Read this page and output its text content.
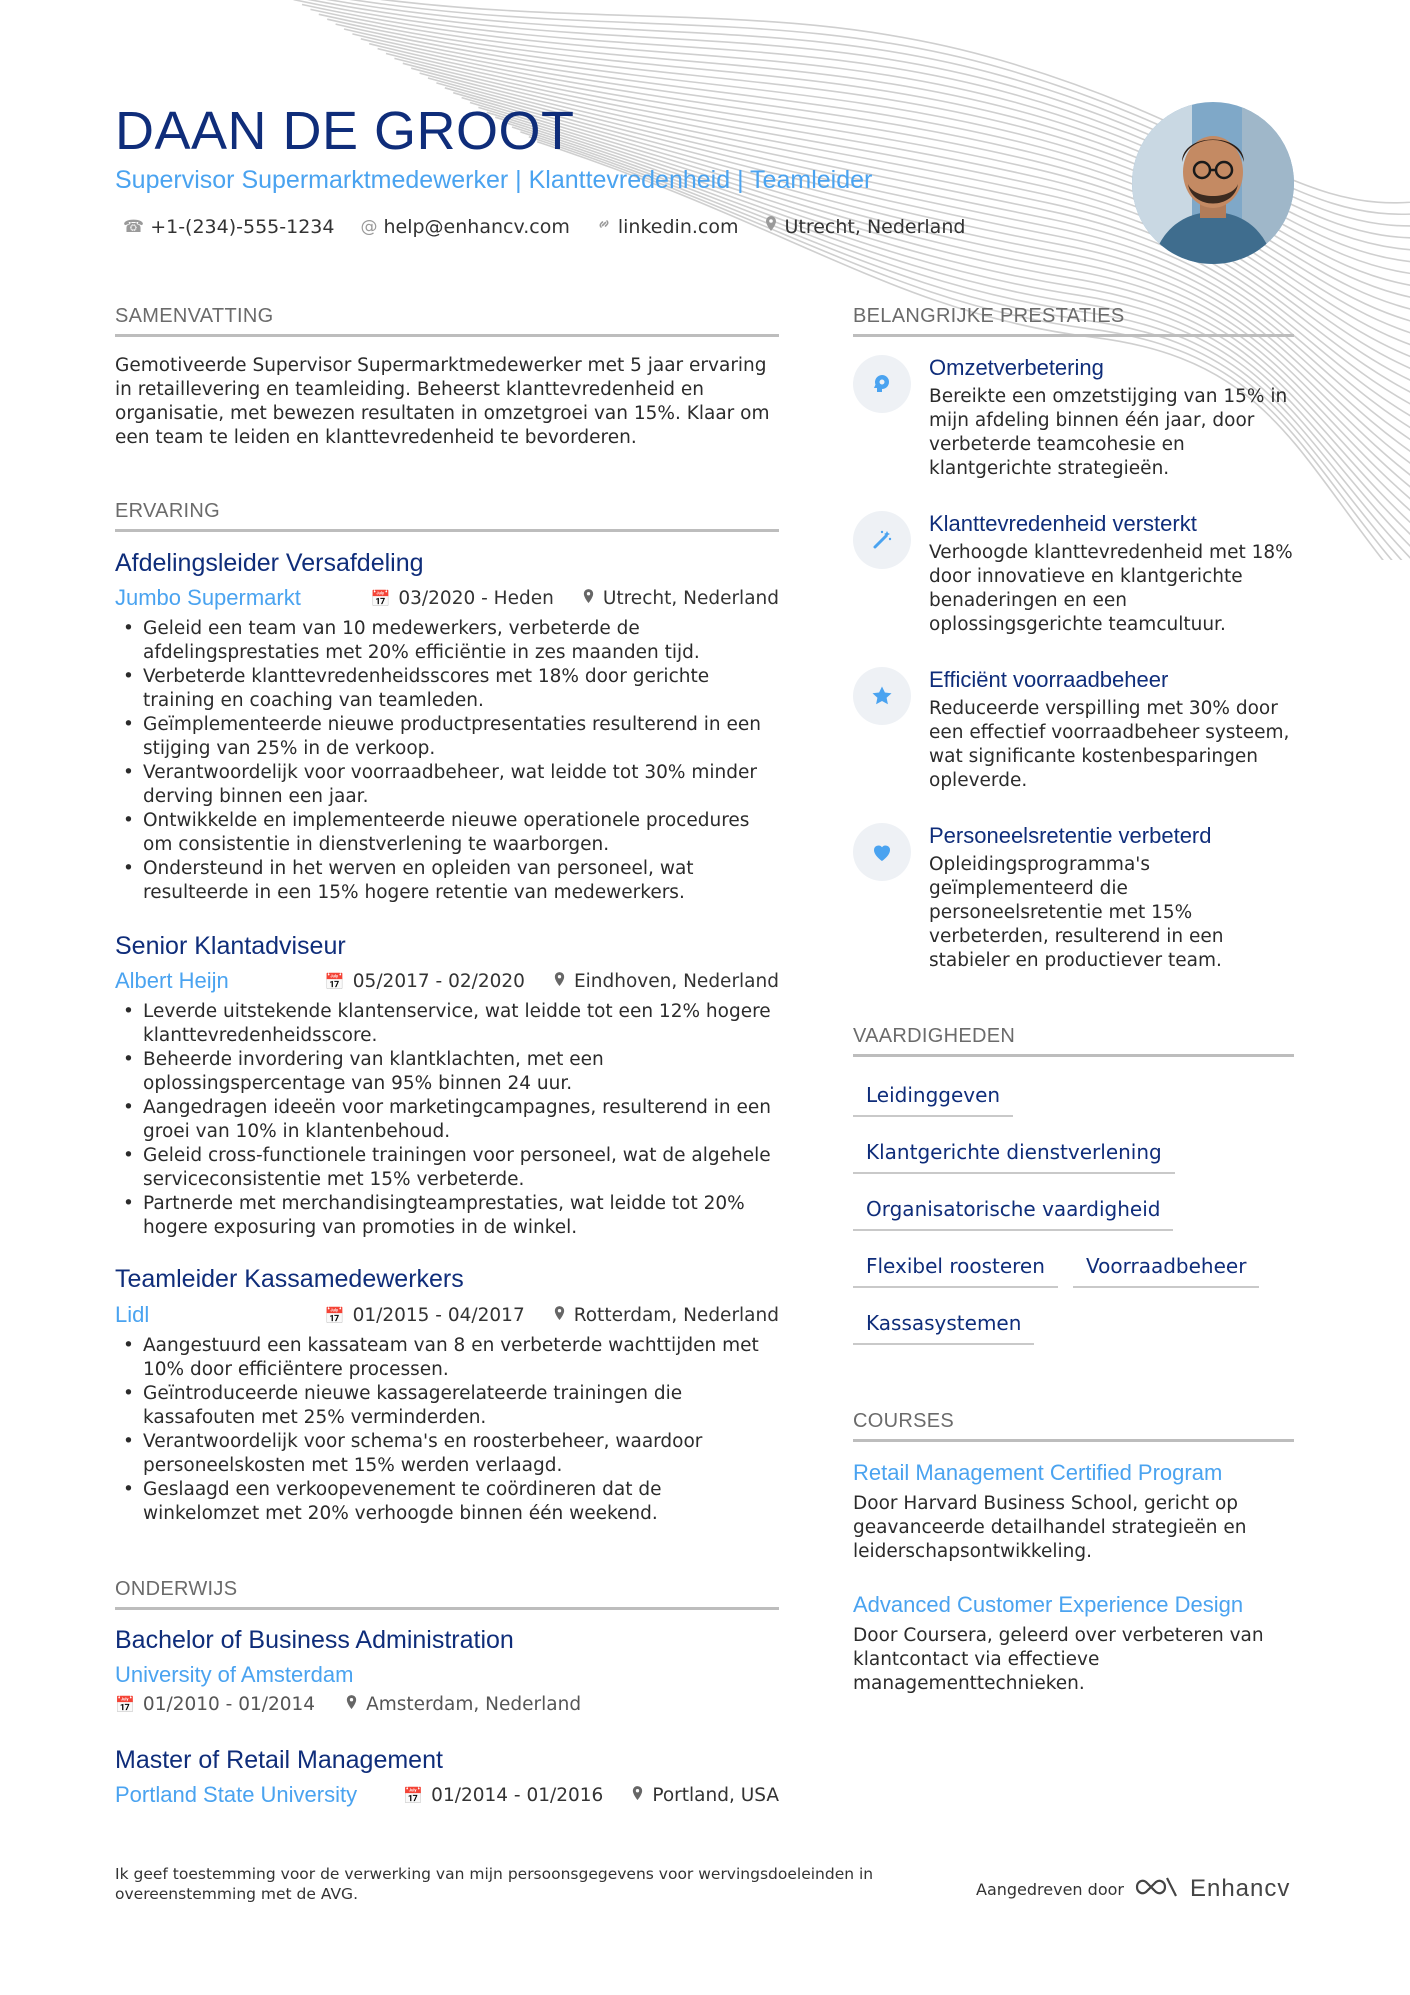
DAAN DE GROOT
Supervisor Supermarktmedewerker | Klanttevredenheid | Teamleider
☎ +1-(234)-555-1234 @ help@enhancv.com	linkedin.com Utrecht, Nederland
SAMENVATTING
Gemotiveerde Supervisor Supermarktmedewerker met 5 jaar ervaring in retaillevering en teamleiding. Beheerst klanttevredenheid en organisatie, met bewezen resultaten in omzetgroei van 15%. Klaar om een team te leiden en klanttevredenheid te bevorderen.
ERVARING
Afdelingsleider Versafdeling
Jumbo Supermarkt	📅 03/2020 - Heden	Utrecht, Nederland
• Geleid een team van 10 medewerkers, verbeterde de afdelingsprestaties met 20% efficiëntie in zes maanden tijd.
• Verbeterde klanttevredenheidsscores met 18% door gerichte training en coaching van teamleden.
• Geïmplementeerde nieuwe productpresentaties resulterend in een stijging van 25% in de verkoop.
• Verantwoordelijk voor voorraadbeheer, wat leidde tot 30% minder derving binnen een jaar.
• Ontwikkelde en implementeerde nieuwe operationele procedures om consistentie in dienstverlening te waarborgen.
• Ondersteund in het werven en opleiden van personeel, wat resulteerde in een 15% hogere retentie van medewerkers.
Senior Klantadviseur
Albert Heijn	📅 05/2017 - 02/2020	Eindhoven, Nederland
• Leverde uitstekende klantenservice, wat leidde tot een 12% hogere klanttevredenheidsscore.
• Beheerde invordering van klantklachten, met een oplossingspercentage van 95% binnen 24 uur.
• Aangedragen ideeën voor marketingcampagnes, resulterend in een groei van 10% in klantenbehoud.
• Geleid cross-functionele trainingen voor personeel, wat de algehele serviceconsistentie met 15% verbeterde.
• Partnerde met merchandisingteamprestaties, wat leidde tot 20% hogere exposuring van promoties in de winkel.
Teamleider Kassamedewerkers
Lidl	📅 01/2015 - 04/2017	Rotterdam, Nederland
• Aangestuurd een kassateam van 8 en verbeterde wachttijden met 10% door efficiëntere processen.
• Geïntroduceerde nieuwe kassagerelateerde trainingen die kassafouten met 25% verminderden.
• Verantwoordelijk voor schema's en roosterbeheer, waardoor personeelskosten met 15% werden verlaagd.
• Geslaagd een verkoopevenement te coördineren dat de winkelomzet met 20% verhoogde binnen één weekend.
ONDERWIJS
Bachelor of Business Administration
University of Amsterdam
📅 01/2010 - 01/2014	Amsterdam, Nederland
Master of Retail Management
Portland State University	📅 01/2014 - 01/2016	Portland, USA
BELANGRIJKE PRESTATIES
Omzetverbetering
Bereikte een omzetstijging van 15% in mijn afdeling binnen één jaar, door verbeterde teamcohesie en klantgerichte strategieën.
Klanttevredenheid versterkt
Verhoogde klanttevredenheid met 18% door innovatieve en klantgerichte benaderingen en een oplossingsgerichte teamcultuur.
Efficiënt voorraadbeheer
Reduceerde verspilling met 30% door een effectief voorraadbeheer systeem, wat significante kostenbesparingen opleverde.
Personeelsretentie verbeterd
Opleidingsprogramma's geïmplementeerd die personeelsretentie met 15% verbeterden, resulterend in een stabieler en productiever team.
VAARDIGHEDEN
Leidinggeven
Klantgerichte dienstverlening
Organisatorische vaardigheid
Flexibel roosteren	Voorraadbeheer
Kassasystemen
COURSES
Retail Management Certified Program
Door Harvard Business School, gericht op geavanceerde detailhandel strategieën en leiderschapsontwikkeling.
Advanced Customer Experience Design
Door Coursera, geleerd over verbeteren van klantcontact via effectieve managementtechnieken.
Ik geef toestemming voor de verwerking van mijn persoonsgegevens voor wervingsdoeleinden in overeenstemming met de AVG.	Aangedreven door	Enhancv
